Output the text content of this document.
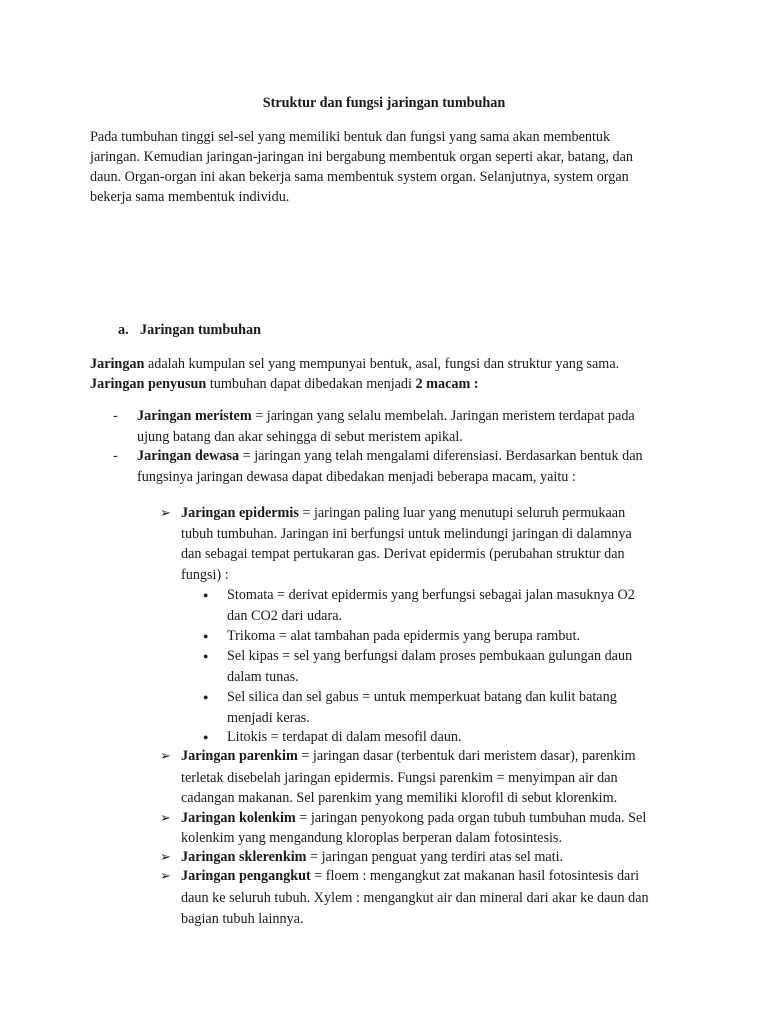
Struktur dan fungsi jaringan tumbuhan
Pada tumbuhan tinggi sel-sel yang memiliki bentuk dan fungsi yang sama akan membentuk
jaringan. Kemudian jaringan-jaringan ini bergabung membentuk organ seperti akar, batang, dan
daun. Organ-organ ini akan bekerja sama membentuk system organ. Selanjutnya, system organ
bekerja sama membentuk individu.
a. Jaringan tumbuhan
Jaringan adalah kumpulan sel yang mempunyai bentuk, asal, fungsi dan struktur yang sama.
Jaringan penyusun tumbuhan dapat dibedakan menjadi 2 macam :
- Jaringan meristem = jaringan yang selalu membelah. Jaringan meristem terdapat pada
ujung batang dan akar sehingga di sebut meristem apikal.
- Jaringan dewasa = jaringan yang telah mengalami diferensiasi. Berdasarkan bentuk dan
fungsinya jaringan dewasa dapat dibedakan menjadi beberapa macam, yaitu :
➢ Jaringan epidermis = jaringan paling luar yang menutupi seluruh permukaan
tubuh tumbuhan. Jaringan ini berfungsi untuk melindungi jaringan di dalamnya
dan sebagai tempat pertukaran gas. Derivat epidermis (perubahan struktur dan
fungsi) :
● Stomata = derivat epidermis yang berfungsi sebagai jalan masuknya O2
dan CO2 dari udara.
● Trikoma = alat tambahan pada epidermis yang berupa rambut.
● Sel kipas = sel yang berfungsi dalam proses pembukaan gulungan daun
dalam tunas.
● Sel silica dan sel gabus = untuk memperkuat batang dan kulit batang
menjadi keras.
● Litokis = terdapat di dalam mesofil daun.
➢ Jaringan parenkim = jaringan dasar (terbentuk dari meristem dasar), parenkim
terletak disebelah jaringan epidermis. Fungsi parenkim = menyimpan air dan
cadangan makanan. Sel parenkim yang memiliki klorofil di sebut klorenkim.
➢ Jaringan kolenkim = jaringan penyokong pada organ tubuh tumbuhan muda. Sel
kolenkim yang mengandung kloroplas berperan dalam fotosintesis.
➢ Jaringan sklerenkim = jaringan penguat yang terdiri atas sel mati.
➢ Jaringan pengangkut = floem : mengangkut zat makanan hasil fotosintesis dari
daun ke seluruh tubuh. Xylem : mengangkut air dan mineral dari akar ke daun dan
bagian tubuh lainnya.
